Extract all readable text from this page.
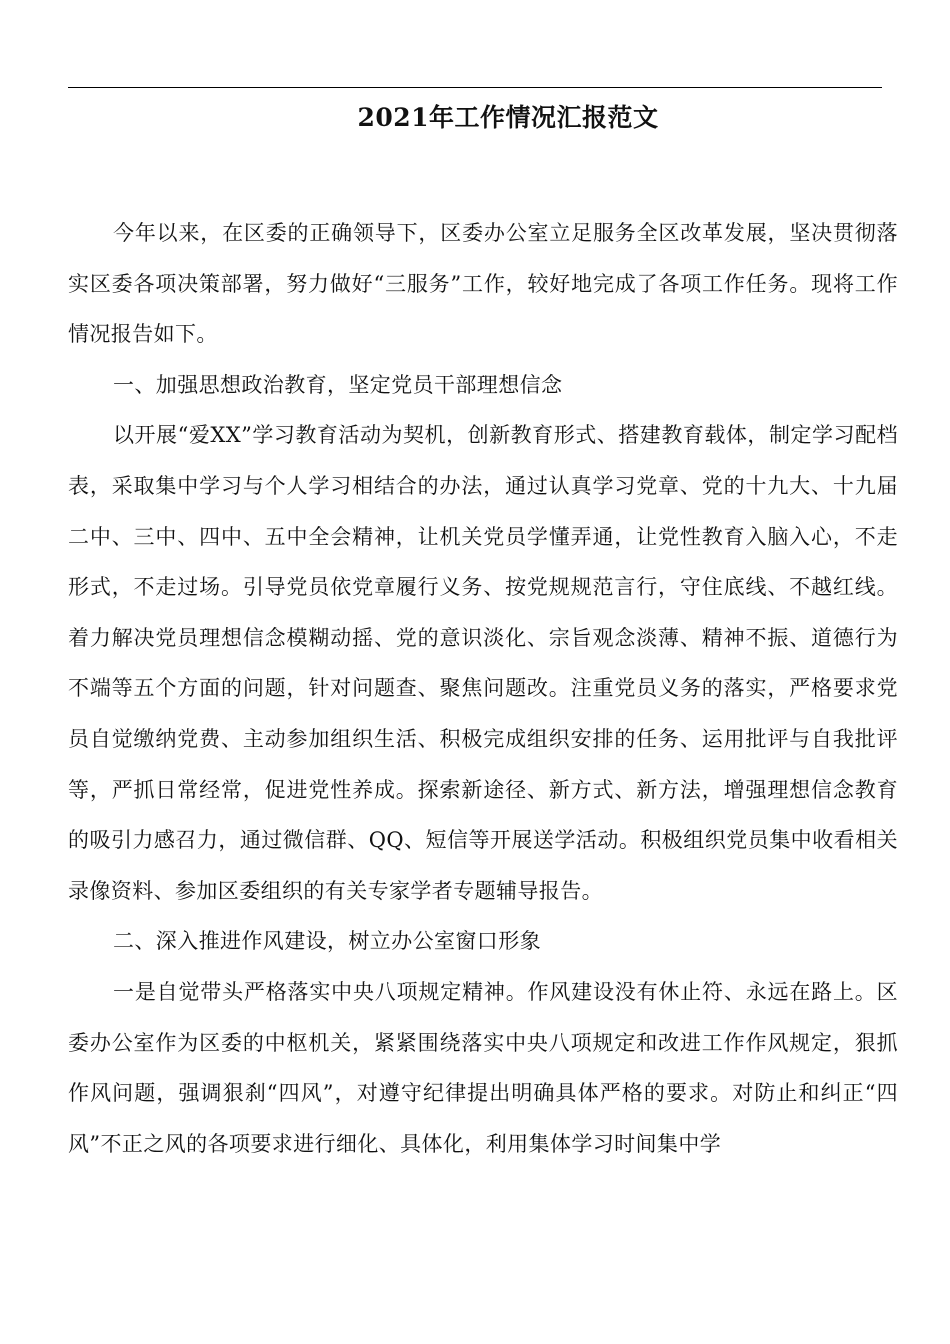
2021年工作情况汇报范文

今年以来，在区委的正确领导下，区委办公室立足服务全区改革发展，坚决贯彻落实区委各项决策部署，努力做好“三服务”工作，较好地完成了各项工作任务。现将工作情况报告如下。

一、加强思想政治教育，坚定党员干部理想信念

以开展“爱XX”学习教育活动为契机，创新教育形式、搭建教育载体，制定学习配档表，采取集中学习与个人学习相结合的办法，通过认真学习党章、党的十九大、十九届二中、三中、四中、五中全会精神，让机关党员学懂弄通，让党性教育入脑入心，不走形式，不走过场。引导党员依党章履行义务、按党规规范言行，守住底线、不越红线。着力解决党员理想信念模糊动摇、党的意识淡化、宗旨观念淡薄、精神不振、道德行为不端等五个方面的问题，针对问题查、聚焦问题改。注重党员义务的落实，严格要求党员自觉缴纳党费、主动参加组织生活、积极完成组织安排的任务、运用批评与自我批评等，严抓日常经常，促进党性养成。探索新途径、新方式、新方法，增强理想信念教育的吸引力感召力，通过微信群、QQ、短信等开展送学活动。积极组织党员集中收看相关录像资料、参加区委组织的有关专家学者专题辅导报告。

二、深入推进作风建设，树立办公室窗口形象

一是自觉带头严格落实中央八项规定精神。作风建设没有休止符、永远在路上。区委办公室作为区委的中枢机关，紧紧围绕落实中央八项规定和改进工作作风规定，狠抓作风问题，强调狠刹“四风”，对遵守纪律提出明确具体严格的要求。对防止和纠正“四风”不正之风的各项要求进行细化、具体化，利用集体学习时间集中学
